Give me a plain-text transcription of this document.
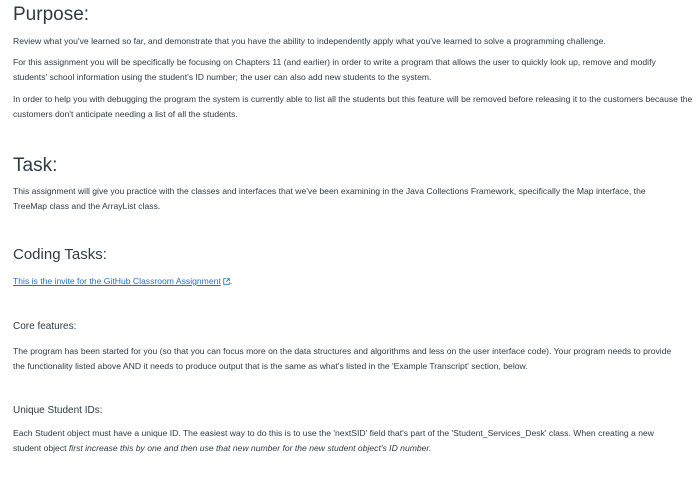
Purpose:

Review what you've learned so far, and demonstrate that you have the ability to independently apply what you've learned to solve a programming challenge.

For this assignment you will be specifically be focusing on Chapters 11 (and earlier) in order to write a program that allows the user to quickly look up, remove and modify students' school information using the student's ID number; the user can also add new students to the system.

In order to help you with debugging the program the system is currently able to list all the students but this feature will be removed before releasing it to the customers because the customers don't anticipate needing a list of all the students.

Task:

This assignment will give you practice with the classes and interfaces that we've been examining in the Java Collections Framework, specifically the Map interface, the TreeMap class and the ArrayList class.

Coding Tasks:

This is the invite for the GitHub Classroom Assignment .

Core features:

The program has been started for you (so that you can focus more on the data structures and algorithms and less on the user interface code). Your program needs to provide the functionality listed above AND it needs to produce output that is the same as what's listed in the 'Example Transcript' section, below.

Unique Student IDs:

Each Student object must have a unique ID. The easiest way to do this is to use the 'nextSID' field that's part of the 'Student_Services_Desk' class. When creating a new student object first increase this by one and then use that new number for the new student object's ID number.
